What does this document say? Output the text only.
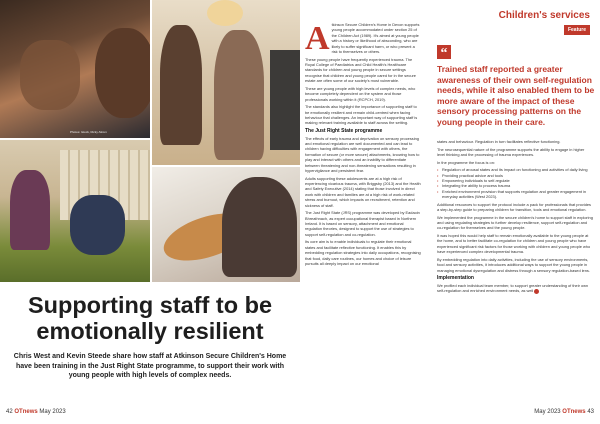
Photos: Istock, Ricky-Strom
Supporting staff to be
emotionally resilient
Chris West and Kevin Steede share how staff at Atkinson Secure Children's Home have been training in the Just Right State programme, to support their work with young people with high levels of complex needs.
42 OTnews May 2023	May 2023 OTnews 43
Children's services
Feature

Atkinson Secure Children's Home in Devon supports young people accommodated under section 25 of the Children Act (1989). It's aimed at young people with a history or likelihood of absconding, who are likely to suffer significant harm, or who present a risk to themselves or others.

These young people have frequently experienced trauma. The Royal College of Paediatrics and Child Health's Healthcare standards for children and young people in secure settings recognise that children and young people cared for in the secure estate are often some of our society's most vulnerable.

These are young people with high levels of complex needs, who become completely dependent on the system and those professionals working within it (RCPCH, 2019).

The standards also highlight the importance of supporting staff to be emotionally resilient and remain child-centred when facing behaviour that challenges. An important way of supporting staff is making relevant training available to staff across the setting.

The Just Right State programme

The effects of early trauma and deprivation on sensory processing and emotional regulation are well documented and can lead to children having difficulties with engagement with others, the formation of secure (or more secure) attachments, knowing how to play and interact with others and an inability to differentiate between threatening and non-threatening sensations resulting in hypervigilance and persistent fear.

Adults supporting these adolescents are at a high risk of experiencing vicarious trauma, with Briggsby (2013) and the Health and Safety Executive (2014) stating that those involved in direct work with children and families are at a high risk of work-related stress and burnout, which impacts on recruitment, retention and sickness of staff.

The Just Right State (JRS) programme was developed by Eadaoin Bhreathnach, as expert occupational therapist based in Northern Ireland. It is based on sensory, attachment and emotional regulation theories, designed to support the use of strategies to support self-regulation and co-regulation.

Its core aim is to enable individuals to regulate their emotional states and facilitate reflective functioning. It enables this by embedding regulation strategies into daily occupations, recognising that food, daily care routines, our homes and choice of leisure pursuits all deeply impact on our emotional

“
Trained staff reported a greater awareness of their own self-regulation needs, while it also enabled them to be more aware of the impact of these sensory processing patterns on the young people in their care.

states and behaviour. Regulation in turn facilitates reflective functioning.

The neurosequential nature of the programme supports the ability to engage in higher level thinking and the processing of trauma experiences.

In the programme the focus is on:

• Regulation of arousal states and its impact on functioning and activities of daily living
• Providing practical advice and tools
• Empowering individuals to self-regulate
• Integrating the ability to process trauma
• Enriched environment provision that supports regulation and greater engagement in everyday activities (West 2023).

Additional resources to support the protocol include a pack for professionals that provides a step-by-step guide to preparing children for transition, tools and emotional regulation.

We implemented the programme in the secure children's home to support staff in exploring and using regulating strategies to further develop resilience, support self-regulation and co-regulation for themselves and the young people.

It was hoped this would help staff to remain emotionally available to the young people at the home, and to better facilitate co-regulation for children and young people who have experienced significant risk factors for those working with children and young people who have experienced complex developmental trauma.

By embedding regulation into daily activities, including the use of sensory environments, food and sensory activities, it introduces additional ways to support the young people in managing emotional dysregulation and distress through a sensory regulation-based lens.

Implementation

We profiled each individual team member, to support greater understanding of their own self-regulation and enriched environment needs, as well
